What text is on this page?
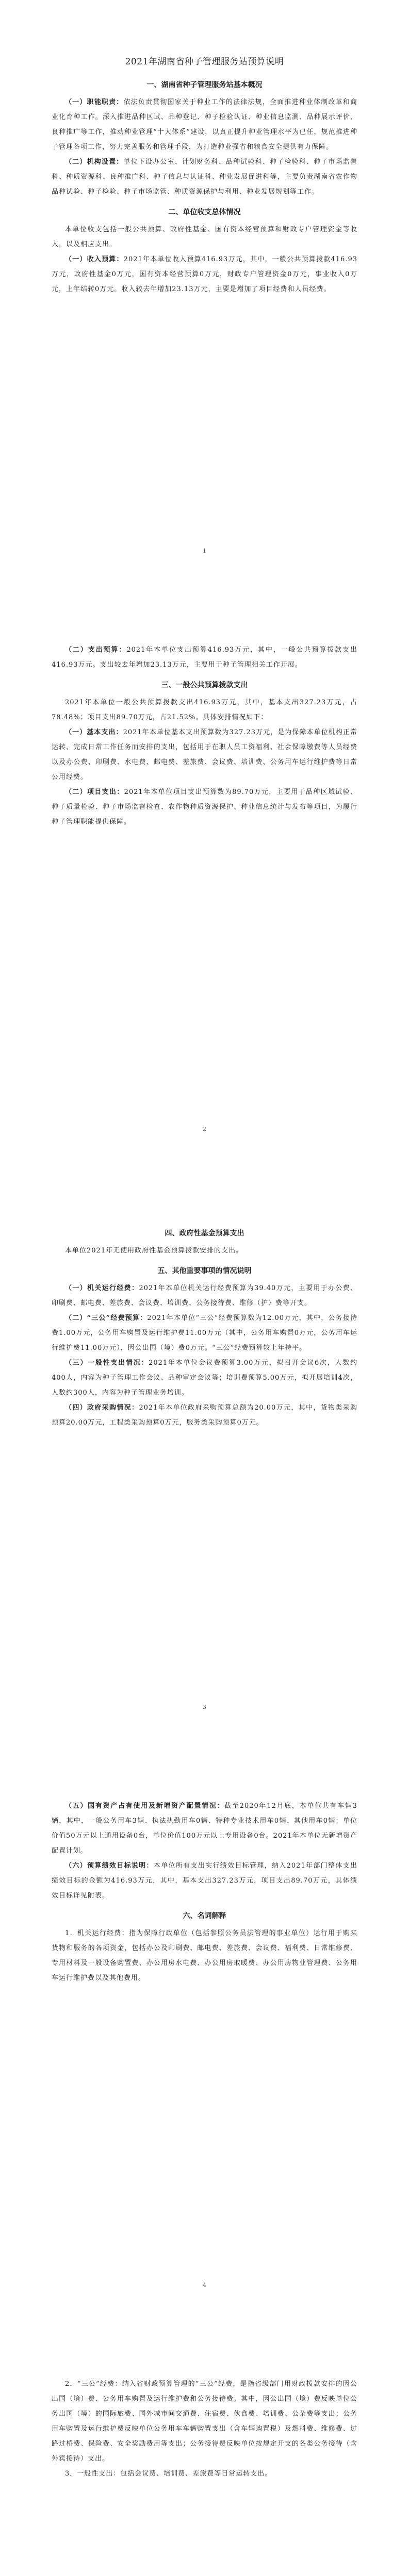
2021年湖南省种子管理服务站预算说明
一、湖南省种子管理服务站基本概况

（一）职能职责：依法负责贯彻国家关于种业工作的法律法规，全面推进种业体制改革和商业化育种工作。深入推进品种区试、品种登记、种子检验认证、种业信息监测、品种展示评价、良种推广等工作，推动种业管理“十大体系”建设，以真正提升种业管理水平为已任，规范推进种子管理各项工作，努力完善服务和管理手段，为打造种业强省和粮食安全提供有力保障。

（二）机构设置：单位下设办公室、计划财务科、品种试验科、种子检验科、种子市场监督科、种质资源科、良种推广科、种子信息与认证科、种业发展促进科等，主要负责湖南省农作物品种试验、种子检验、种子市场监管、种质资源保护与利用、种业发展规划等工作。

二、单位收支总体情况

本单位收支包括一般公共预算、政府性基金、国有资本经营预算和财政专户管理资金等收入，以及相应支出。

（一）收入预算：2021年本单位收入预算416.93万元，其中，一般公共预算拨款416.93万元，政府性基金0万元，国有资本经营预算0万元，财政专户管理资金0万元，事业收入0万元，上年结转0万元。收入较去年增加23.13万元，主要是增加了项目经费和人员经费。

1

（二）支出预算：2021年本单位支出预算416.93万元，其中，一般公共预算拨款支出416.93万元。支出较去年增加23.13万元，主要用于种子管理相关工作开展。

三、一般公共预算拨款支出

2021年本单位一般公共预算拨款支出416.93万元，其中，基本支出327.23万元，占78.48%；项目支出89.70万元，占21.52%。具体安排情况如下：

（一）基本支出：2021年本单位基本支出预算数为327.23万元，是为保障本单位机构正常运转、完成日常工作任务而安排的支出，包括用于在职人员工资福利、社会保障缴费等人员经费以及办公费、印刷费、水电费、邮电费、差旅费、会议费、培训费、公务用车运行维护费等日常公用经费。

（二）项目支出：2021年本单位项目支出预算数为89.70万元，主要用于品种区域试验、种子质量检验、种子市场监督检查、农作物种质资源保护、种业信息统计与发布等项目，为履行种子管理职能提供保障。

2
四、政府性基金预算支出

本单位2021年无使用政府性基金预算拨款安排的支出。

五、其他重要事项的情况说明

（一）机关运行经费：2021年本单位机关运行经费预算为39.40万元，主要用于办公费、印刷费、邮电费、差旅费、会议费、培训费、公务接待费、维修（护）费等开支。

（二）“三公”经费预算：2021年本单位“三公”经费预算数为12.00万元，其中，公务接待费1.00万元，公务用车购置及运行维护费11.00万元（其中，公务用车购置0万元，公务用车运行维护费11.00万元），因公出国（境）费0万元。“三公”经费预算较上年持平。

（三）一般性支出情况：2021年本单位会议费预算3.00万元，拟召开会议6次，人数约400人，内容为种子管理工作会议、品种审定会议等；培训费预算5.00万元，拟开展培训4次，人数约300人，内容为种子管理业务培训。

（四）政府采购情况：2021年本单位政府采购预算总额为20.00万元，其中，货物类采购预算20.00万元，工程类采购预算0万元，服务类采购预算0万元。

3

（五）国有资产占有使用及新增资产配置情况：截至2020年12月底，本单位共有车辆3辆，其中，一般公务用车3辆、执法执勤用车0辆、特种专业技术用车0辆、其他用车0辆；单位价值50万元以上通用设备0台，单位价值100万元以上专用设备0台。2021年本单位无新增资产配置计划。

（六）预算绩效目标说明：本单位所有支出实行绩效目标管理，纳入2021年部门整体支出绩效目标的金额为416.93万元，其中，基本支出327.23万元，项目支出89.70万元，具体绩效目标详见附表。

六、名词解释

1．机关运行经费：指为保障行政单位（包括参照公务员法管理的事业单位）运行用于购买货物和服务的各项资金，包括办公及印刷费、邮电费、差旅费、会议费、福利费、日常维修费、专用材料及一般设备购置费、办公用房水电费、办公用房取暖费、办公用房物业管理费、公务用车运行维护费以及其他费用。

4

2．“三公”经费：纳入省财政预算管理的“三公”经费，是指省级部门用财政拨款安排的因公出国（境）费、公务用车购置及运行维护费和公务接待费。其中，因公出国（境）费反映单位公务出国（境）的国际旅费、国外城市间交通费、住宿费、伙食费、培训费、公杂费等支出；公务用车购置及运行维护费反映单位公务用车车辆购置支出（含车辆购置税）及燃料费、维修费、过路过桥费、保险费、安全奖励费用等支出；公务接待费反映单位按规定开支的各类公务接待（含外宾接待）支出。

3．一般性支出：包括会议费、培训费、差旅费等日常运转支出。
